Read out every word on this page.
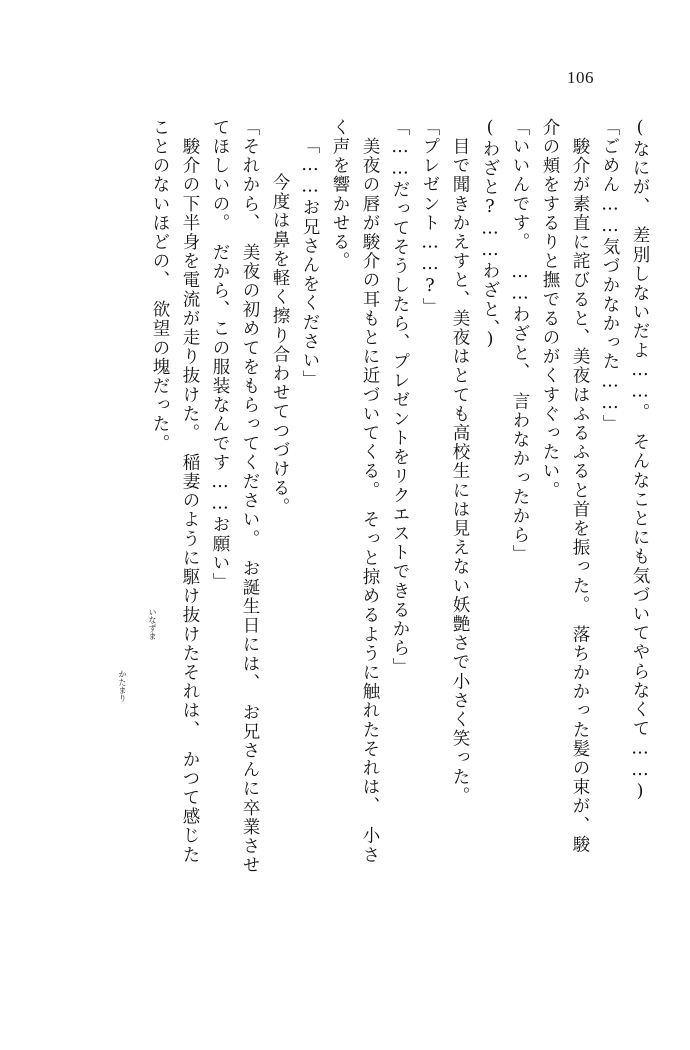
106
(なにが、　差別しないだよ……。　そんなことにも気づいてやらなくて……)
「ごめん……気づかなかった……」
　駿介が素直に詫びると、美夜はふるふると首を振った。　落ちかかった髪の束が、駿
介の頬をするりと撫でるのがくすぐったい。
「いいんです。　……わざと、　言わなかったから」
(わざと?……わざと、)
　目で聞きかえすと、美夜はとても高校生には見えない妖艶さで小さく笑った。
「プレゼント……?」
「……だってそうしたら、プレゼントをリクエストできるから」
　美夜の唇が駿介の耳もとに近づいてくる。　そっと掠めるように触れたそれは、　小さ
く声を響かせる。
「……お兄さんをください」
　今度は鼻を軽く擦り合わせてつづける。
「それから、　美夜の初めてをもらってください。　お誕生日には、　お兄さんに卒業させ
てほしいの。　だから、この服装なんです……お願い」
　駿介の下半身を電流が走り抜けた。　稲妻のように駆け抜けたそれは、　かつて感じた
ことのないほどの、　欲望の塊だった。
かたまり
いなずま
